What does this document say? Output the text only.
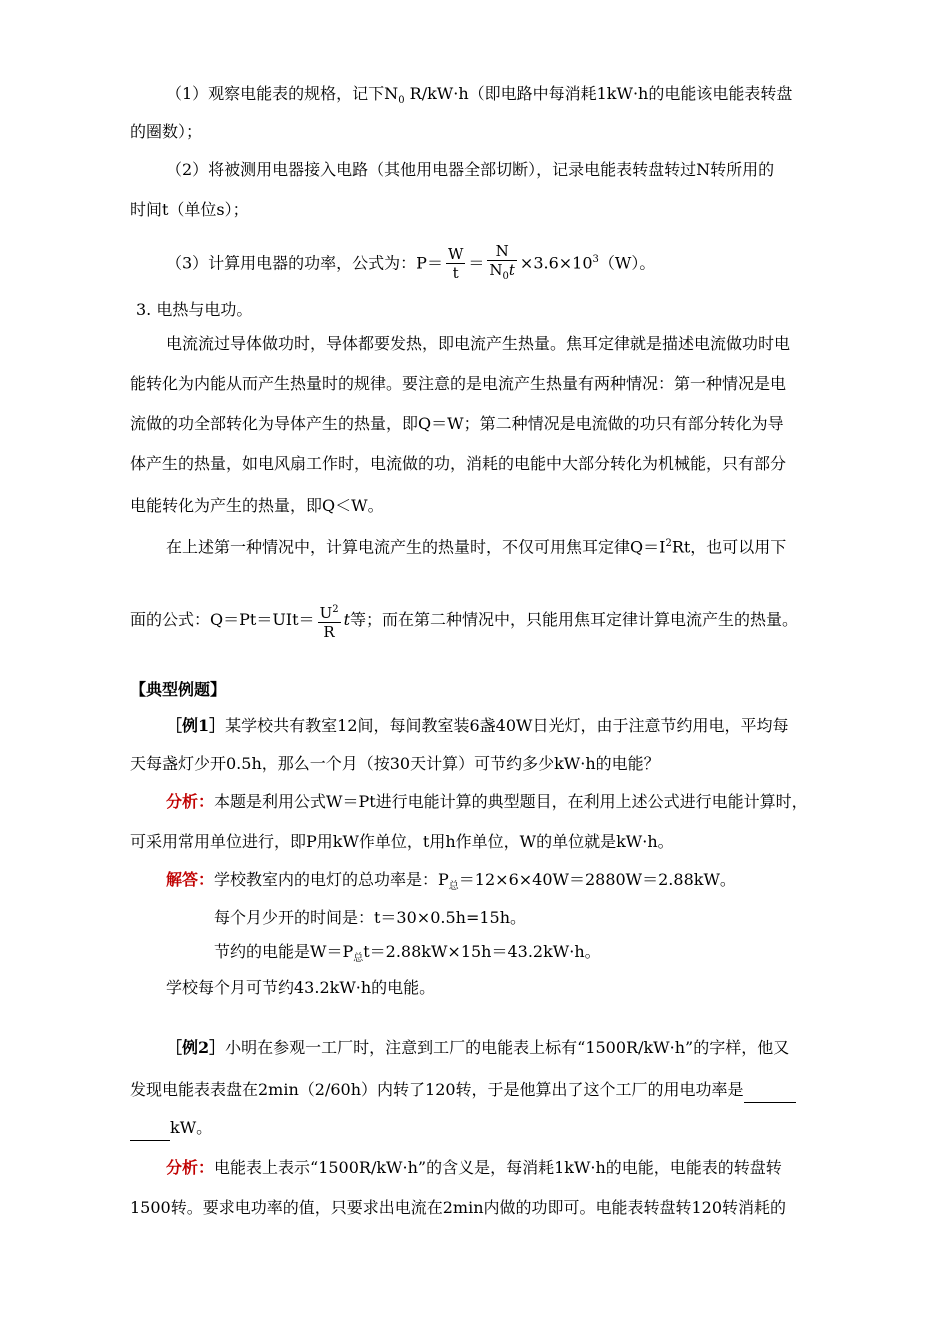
（1）观察电能表的规格，记下$N_0$ R/kW·h（即电路中每消耗1kW·h的电能该电能表转盘
的圈数）；
（2）将被测用电器接入电路（其他用电器全部切断），记录电能表转盘转过N转所用的
时间t（单位s）；
（3）计算用电器的功率，公式为：$P= \frac{W}{t} = \frac{N}{N_0t} \times 3.6\times 10^3(W)$。
3. 电热与电功。
电流流过导体做功时，导体都要发热，即电流产生热量。焦耳定律就是描述电流做功时电
能转化为内能从而产生热量时的规律。要注意的是电流产生热量有两种情况：第一种情况是电
流做的功全部转化为导体产生的热量，即Q＝W；第二种情况是电流做的功只有部分转化为导
体产生的热量，如电风扇工作时，电流做的功，消耗的电能中大部分转化为机械能，只有部分
电能转化为产生的热量，即Q＜W。
在上述第一种情况中，计算电流产生的热量时，不仅可用焦耳定律$Q=I^2Rt$，也可以用下
面的公式：$Q=Pt=UIt= \frac{U^2}{R}$ t等；而在第二种情况中，只能用焦耳定律计算电流产生的热量。
【典型例题】
［例1］某学校共有教室12间，每间教室装6盏40W日光灯，由于注意节约用电，平均每
天每盏灯少开0.5h，那么一个月（按30天计算）可节约多少kW·h的电能？
分析：本题是利用公式W＝Pt进行电能计算的典型题目，在利用上述公式进行电能计算时，
可采用常用单位进行，即P用kW作单位，t用h作单位，W的单位就是kW·h。
解答：学校教室内的电灯的总功率是：$P_总=12\times 6\times 40W=2880W=2.88kW$。
每个月少开的时间是：t＝30×0.5h=15h。
节约的电能是$W=P_总t=2.88kW\times 15h=43.2kW\cdot h$。
学校每个月可节约43.2kW·h的电能。
［例2］小明在参观一工厂时，注意到工厂的电能表上标有“1500R/kW·h”的字样，他又
发现电能表表盘在2min（2/60h）内转了120转，于是他算出了这个工厂的用电功率是
kW。
分析：电能表上表示“1500R/kW·h”的含义是，每消耗1kW·h的电能，电能表的转盘转
1500转。要求电功率的值，只要求出电流在2min内做的功即可。电能表转盘转120转消耗的
